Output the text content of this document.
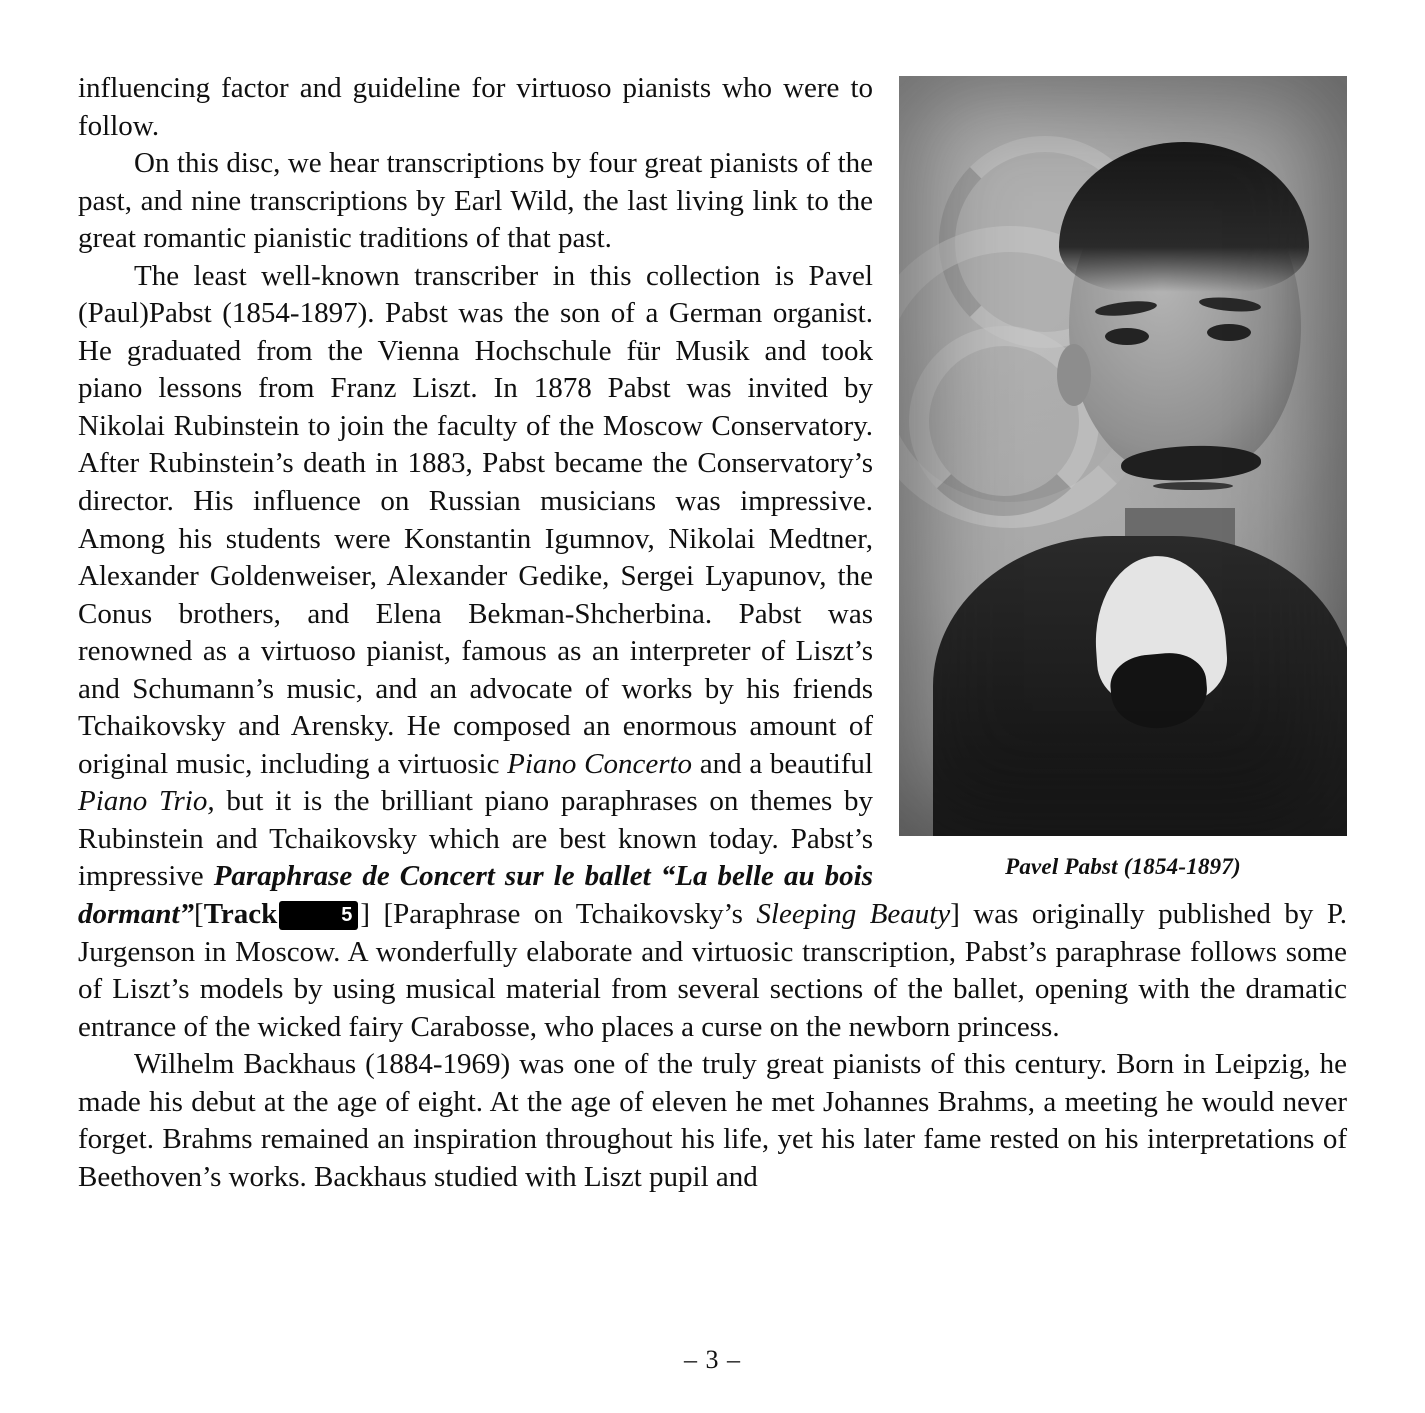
Pavel Pabst (1854-1897)

influencing factor and guideline for virtuoso pianists who were to follow.

On this disc, we hear transcriptions by four great pianists of the past, and nine transcriptions by Earl Wild, the last living link to the great romantic pianistic traditions of that past.

The least well-known transcriber in this collection is Pavel (Paul)Pabst (1854-1897). Pabst was the son of a German organist. He graduated from the Vienna Hochschule für Musik and took piano lessons from Franz Liszt. In 1878 Pabst was invited by Nikolai Rubinstein to join the faculty of the Moscow Conservatory. After Rubinstein’s death in 1883, Pabst became the Conservatory’s director. His influence on Russian musicians was impressive. Among his students were Konstantin Igumnov, Nikolai Medtner, Alexander Goldenweiser, Alexander Gedike, Sergei Lyapunov, the Conus brothers, and Elena Bekman-Shcherbina. Pabst was renowned as a virtuoso pianist, famous as an interpreter of Liszt’s and Schumann’s music, and an advocate of works by his friends Tchaikovsky and Arensky. He composed an enormous amount of original music, including a virtuosic Piano Concerto and a beautiful Piano Trio, but it is the brilliant piano paraphrases on themes by Rubinstein and Tchaikovsky which are best known today. Pabst’s impressive Paraphrase de Concert sur le ballet “La belle au bois dormant”[Track	5 ] [Paraphrase on Tchaikovsky’s Sleeping Beauty] was originally published by P. Jurgenson in Moscow. A wonderfully elaborate and virtuosic transcription, Pabst’s paraphrase follows some of Liszt’s models by using musical material from several sections of the ballet, opening with the dramatic entrance of the wicked fairy Carabosse, who places a curse on the newborn princess.

Wilhelm Backhaus (1884-1969) was one of the truly great pianists of this century. Born in Leipzig, he made his debut at the age of eight. At the age of eleven he met Johannes Brahms, a meeting he would never forget. Brahms remained an inspiration throughout his life, yet his later fame rested on his interpretations of Beethoven’s works. Backhaus studied with Liszt pupil and

– 3 –
